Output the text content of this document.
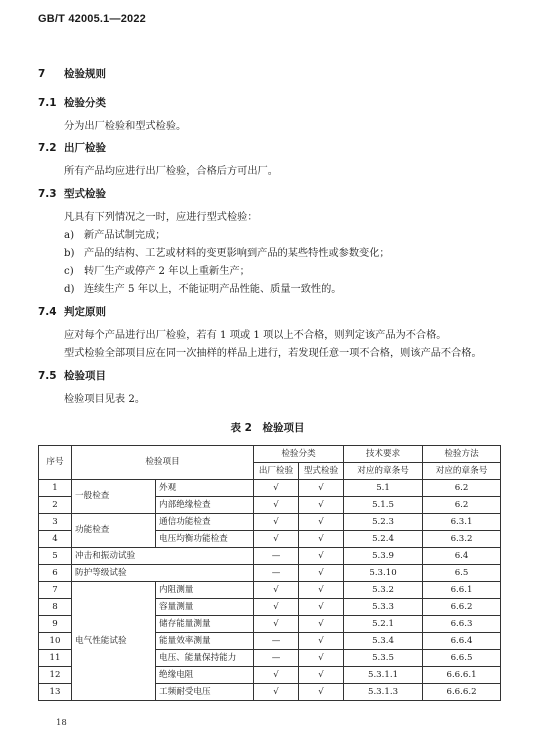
GB/T 42005.1—2022
7 检验规则
7.1 检验分类
分为出厂检验和型式检验。
7.2 出厂检验
所有产品均应进行出厂检验，合格后方可出厂。
7.3 型式检验
凡具有下列情况之一时，应进行型式检验：
a) 新产品试制完成；
b) 产品的结构、工艺或材料的变更影响到产品的某些特性或参数变化；
c) 转厂生产或停产 2 年以上重新生产；
d) 连续生产 5 年以上，不能证明产品性能、质量一致性的。
7.4 判定原则
应对每个产品进行出厂检验，若有 1 项或 1 项以上不合格，则判定该产品为不合格。
型式检验全部项目应在同一次抽样的样品上进行，若发现任意一项不合格，则该产品不合格。
7.5 检验项目
检验项目见表 2。
表 2　检验项目
序号	检验项目		检验分类		技术要求	检验方法
			出厂检验	型式检验	对应的章条号	对应的章条号
1	一般检查	外观	√	√	5.1	6.2
2		内部绝缘检查	√	√	5.1.5	6.2
3	功能检查	通信功能检查	√	√	5.2.3	6.3.1
4		电压均衡功能检查	√	√	5.2.4	6.3.2
5	冲击和振动试验		—	√	5.3.9	6.4
6	防护等级试验		—	√	5.3.10	6.5
7	电气性能试验	内阻测量	√	√	5.3.2	6.6.1
8		容量测量	√	√	5.3.3	6.6.2
9		储存能量测量	√	√	5.2.1	6.6.3
10		能量效率测量	—	√	5.3.4	6.6.4
11		电压、能量保持能力	—	√	5.3.5	6.6.5
12		绝缘电阻	√	√	5.3.1.1	6.6.6.1
13		工频耐受电压	√	√	5.3.1.3	6.6.6.2
18
